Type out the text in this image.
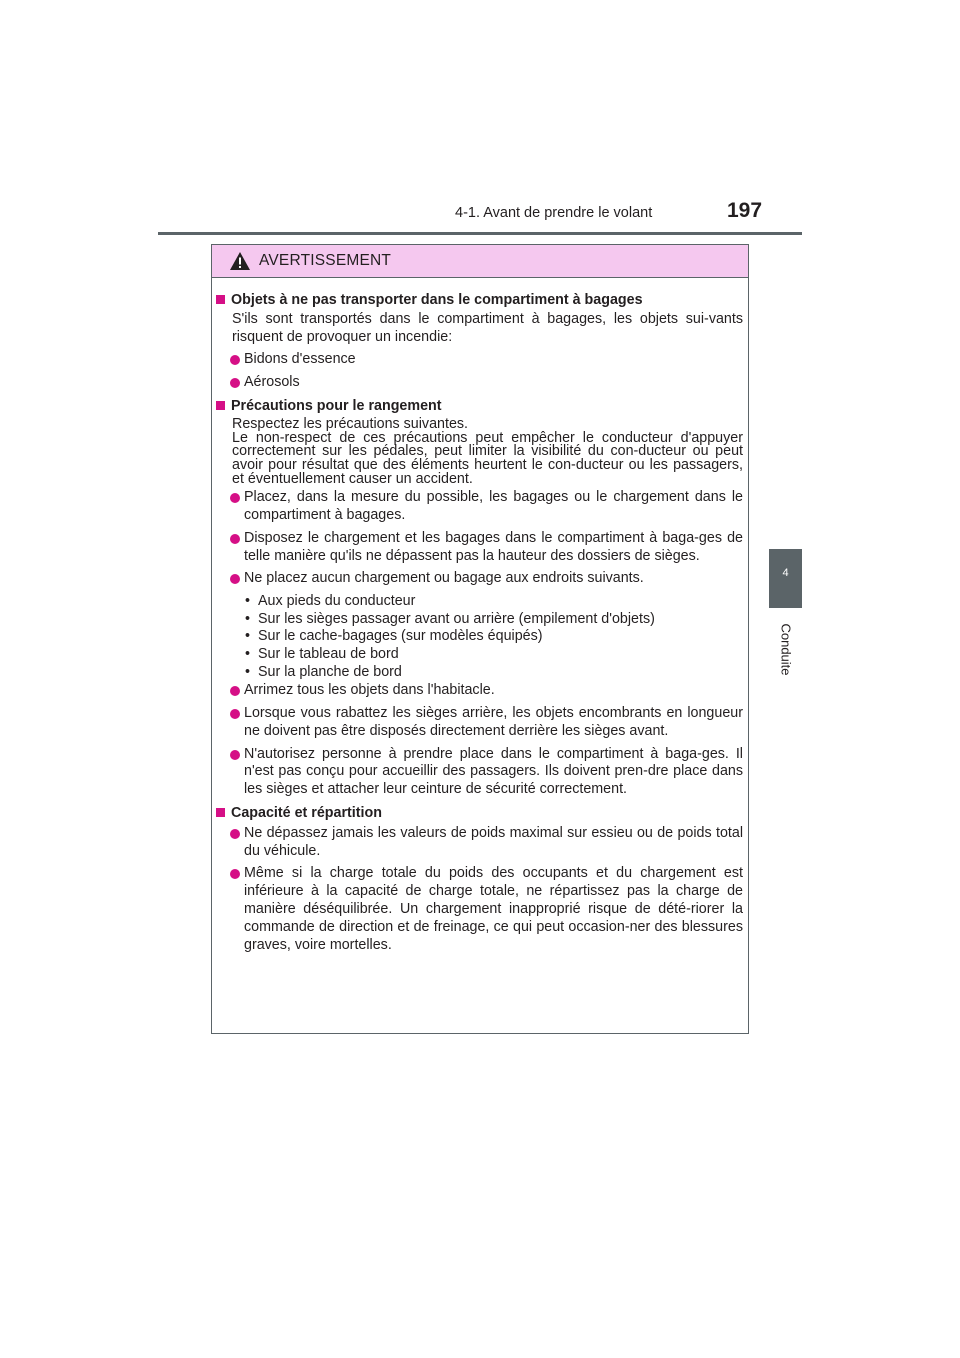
4-1. Avant de prendre le volant	197
4
Conduite
AVERTISSEMENT
Objets à ne pas transporter dans le compartiment à bagages
S'ils sont transportés dans le compartiment à bagages, les objets sui-vants risquent de provoquer un incendie:
Bidons d'essence
Aérosols
Précautions pour le rangement
Respectez les précautions suivantes.
Le non-respect de ces précautions peut empêcher le conducteur d'appuyer correctement sur les pédales, peut limiter la visibilité du con-ducteur ou peut avoir pour résultat que des éléments heurtent le con-ducteur ou les passagers, et éventuellement causer un accident.
Placez, dans la mesure du possible, les bagages ou le chargement dans le compartiment à bagages.
Disposez le chargement et les bagages dans le compartiment à baga-ges de telle manière qu'ils ne dépassent pas la hauteur des dossiers de sièges.
Ne placez aucun chargement ou bagage aux endroits suivants.
• Aux pieds du conducteur
• Sur les sièges passager avant ou arrière (empilement d'objets)
• Sur le cache-bagages (sur modèles équipés)
• Sur le tableau de bord
• Sur la planche de bord
Arrimez tous les objets dans l'habitacle.
Lorsque vous rabattez les sièges arrière, les objets encombrants en longueur ne doivent pas être disposés directement derrière les sièges avant.
N'autorisez personne à prendre place dans le compartiment à baga-ges. Il n'est pas conçu pour accueillir des passagers. Ils doivent pren-dre place dans les sièges et attacher leur ceinture de sécurité correctement.
Capacité et répartition
Ne dépassez jamais les valeurs de poids maximal sur essieu ou de poids total du véhicule.
Même si la charge totale du poids des occupants et du chargement est inférieure à la capacité de charge totale, ne répartissez pas la charge de manière déséquilibrée. Un chargement inapproprié risque de dété-riorer la commande de direction et de freinage, ce qui peut occasion-ner des blessures graves, voire mortelles.
